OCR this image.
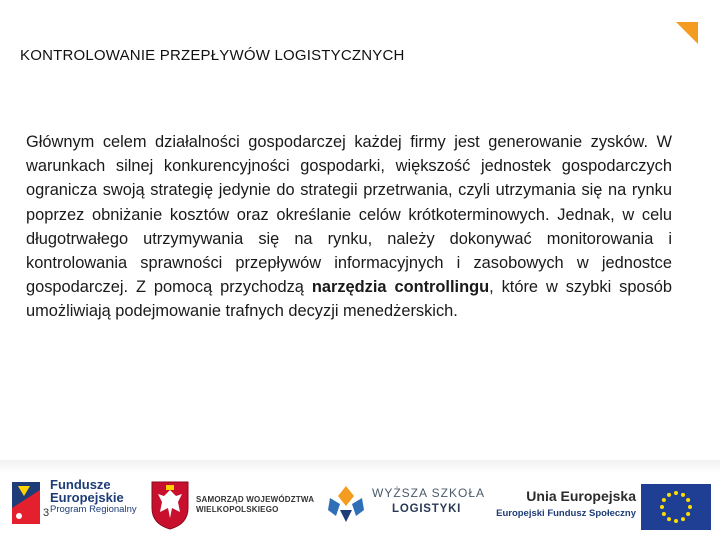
KONTROLOWANIE PRZEPŁYWÓW LOGISTYCZNYCH
Głównym celem działalności gospodarczej każdej firmy jest generowanie zysków. W warunkach silnej konkurencyjności gospodarki, większość jednostek gospodarczych ogranicza swoją strategię jedynie do strategii przetrwania, czyli utrzymania się na rynku poprzez obniżanie kosztów oraz określanie celów krótkoterminowych. Jednak, w celu długotrwałego utrzymywania się na rynku, należy dokonywać monitorowania i kontrolowania sprawności przepływów informacyjnych i zasobowych w jednostce gospodarczej. Z pomocą przychodzą narzędzia controllingu, które w szybki sposób umożliwiają podejmowanie trafnych decyzji menedżerskich.
Fundusze
Europejskie
Program Regionalny
3
SAMORZĄD WOJEWÓDZTWA
WIELKOPOLSKIEGO
WYŻSZA SZKOŁA
LOGISTYKI
Unia Europejska
Europejski Fundusz Społeczny
